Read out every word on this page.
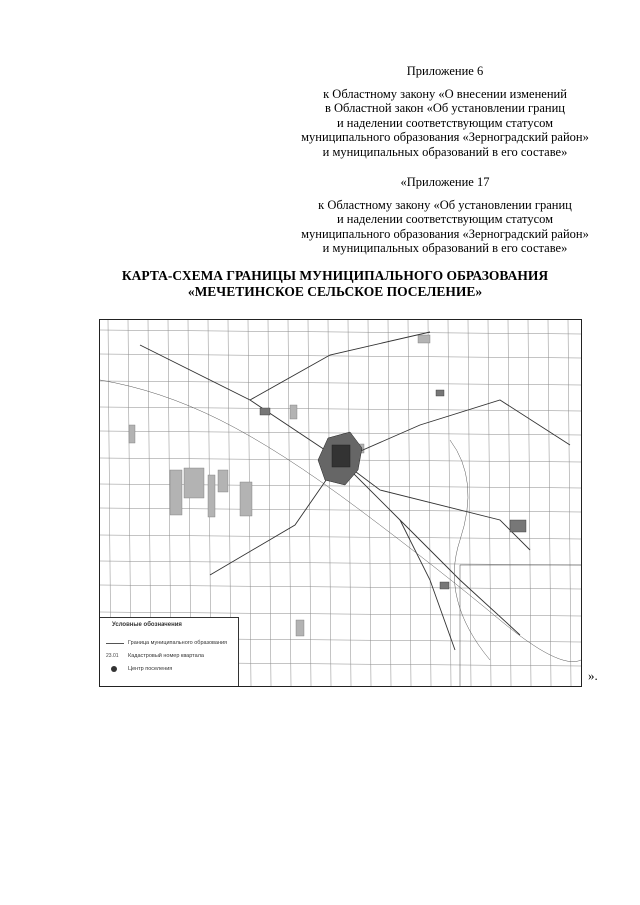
Приложение 6
к Областному закону «О внесении изменений
в Областной закон «Об установлении границ
и наделении соответствующим статусом
муниципального образования «Зерноградский район»
и муниципальных образований в его составе»
«Приложение 17
к Областному закону «Об установлении границ
и наделении соответствующим статусом
муниципального образования «Зерноградский район»
и муниципальных образований в его составе»
КАРТА-СХЕМА ГРАНИЦЫ МУНИЦИПАЛЬНОГО ОБРАЗОВАНИЯ
«МЕЧЕТИНСКОЕ СЕЛЬСКОЕ ПОСЕЛЕНИЕ»
Условные обозначения
Граница муниципального образования
23.01	Кадастровый номер квартала
Центр поселения	».
